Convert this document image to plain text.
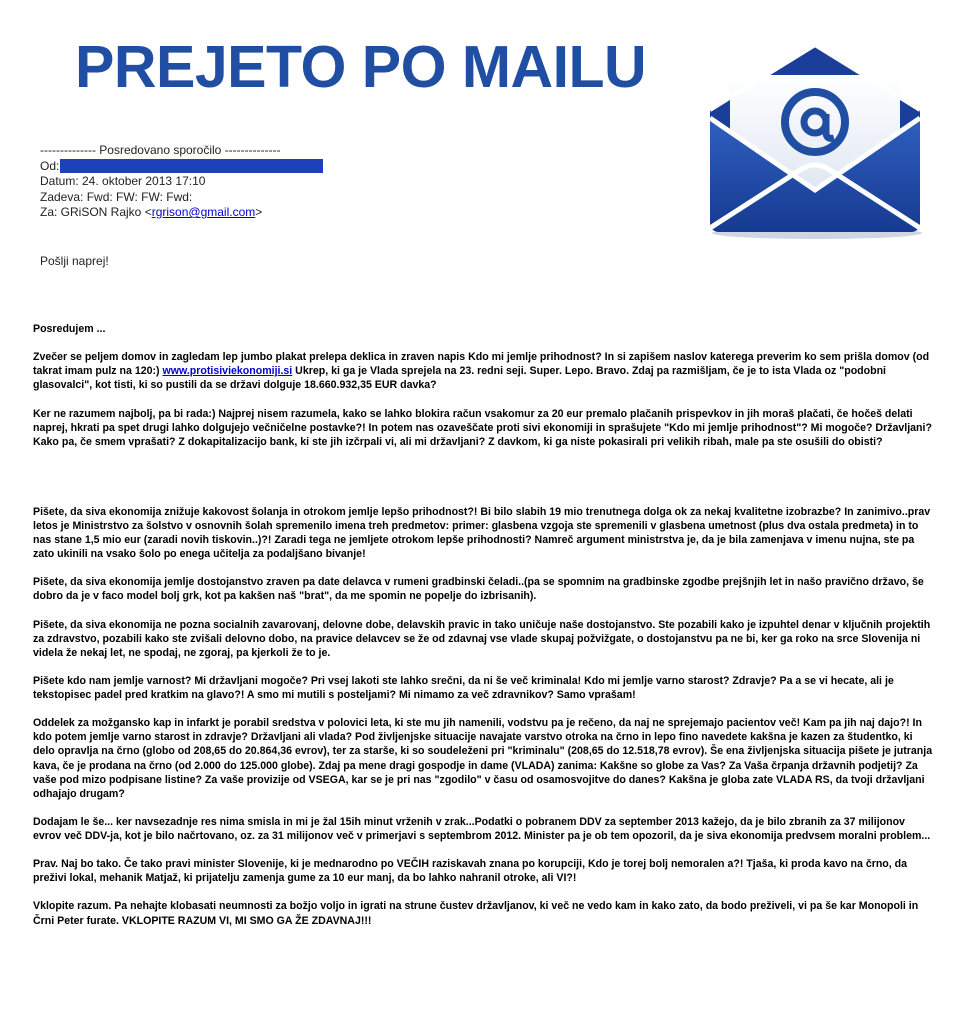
PREJETO PO MAILU
-------------- Posredovano sporočilo --------------
Od:
Datum: 24. oktober 2013 17:10
Zadeva: Fwd: FW: FW: Fwd:
Za: GRiSON Rajko <rgrison@gmail.com>
Pošlji naprej!

Posredujem ...

Zvečer se peljem domov in zagledam lep jumbo plakat prelepa deklica in zraven napis Kdo mi jemlje prihodnost? In si zapišem naslov katerega preverim ko sem prišla domov (od takrat imam pulz na 120:) www.protisiviekonomiji.si Ukrep, ki ga je Vlada sprejela na 23. redni seji. Super. Lepo. Bravo. Zdaj pa razmišljam, če je to ista Vlada oz "podobni glasovalci", kot tisti, ki so pustili da se državi dolguje 18.660.932,35 EUR davka?

Ker ne razumem najbolj, pa bi rada:) Najprej nisem razumela, kako se lahko blokira račun vsakomur za 20 eur premalo plačanih prispevkov in jih moraš plačati, če hočeš delati naprej, hkrati pa spet drugi lahko dolgujejo večničelne postavke?! In potem nas ozaveščate proti sivi ekonomiji in sprašujete "Kdo mi jemlje prihodnost"? Mi mogoče? Državljani? Kako pa, če smem vprašati? Z dokapitalizacijo bank, ki ste jih izčrpali vi, ali mi državljani? Z davkom, ki ga niste pokasirali pri velikih ribah, male pa ste osušili do obisti?

Pišete, da siva ekonomija znižuje kakovost šolanja in otrokom jemlje lepšo prihodnost?! Bi bilo slabih 19 mio trenutnega dolga ok za nekaj kvalitetne izobrazbe? In zanimivo..prav letos je Ministrstvo za šolstvo v osnovnih šolah spremenilo imena treh predmetov: primer: glasbena vzgoja ste spremenili v glasbena umetnost (plus dva ostala predmeta) in to nas stane 1,5 mio eur (zaradi novih tiskovin..)?! Zaradi tega ne jemljete otrokom lepše prihodnosti? Namreč argument ministrstva je, da je bila zamenjava v imenu nujna, ste pa zato ukinili na vsako šolo po enega učitelja za podaljšano bivanje!

Pišete, da siva ekonomija jemlje dostojanstvo zraven pa date delavca v rumeni gradbinski čeladi..(pa se spomnim na gradbinske zgodbe prejšnjih let in našo pravično državo, še dobro da je v faco model bolj grk, kot pa kakšen naš "brat", da me spomin ne popelje do izbrisanih).

Pišete, da siva ekonomija ne pozna socialnih zavarovanj, delovne dobe, delavskih pravic in tako uničuje naše dostojanstvo. Ste pozabili kako je izpuhtel denar v ključnih projektih za zdravstvo, pozabili kako ste zvišali delovno dobo, na pravice delavcev se že od zdavnaj vse vlade skupaj požvižgate, o dostojanstvu pa ne bi, ker ga roko na srce Slovenija ni videla že nekaj let, ne spodaj, ne zgoraj, pa kjerkoli že to je.

Pišete kdo nam jemlje varnost? Mi državljani mogoče? Pri vsej lakoti ste lahko srečni, da ni še več kriminala! Kdo mi jemlje varno starost? Zdravje? Pa a se vi hecate, ali je tekstopisec padel pred kratkim na glavo?! A smo mi mutili s posteljami? Mi nimamo za več zdravnikov? Samo vprašam!

Oddelek za možgansko kap in infarkt je porabil sredstva v polovici leta, ki ste mu jih namenili, vodstvu pa je rečeno, da naj ne sprejemajo pacientov več! Kam pa jih naj dajo?! In kdo potem jemlje varno starost in zdravje? Državljani ali vlada? Pod življenjske situacije navajate varstvo otroka na črno in lepo fino navedete kakšna je kazen za študentko, ki delo opravlja na črno (globo od 208,65 do 20.864,36 evrov), ter za starše, ki so soudeleženi pri "kriminalu" (208,65 do 12.518,78 evrov). Še ena življenjska situacija pišete je jutranja kava, če je prodana na črno (od 2.000 do 125.000 globe). Zdaj pa mene dragi gospodje in dame (VLADA) zanima: Kakšne so globe za Vas? Za Vaša črpanja državnih podjetij? Za vaše pod mizo podpisane listine? Za vaše provizije od VSEGA, kar se je pri nas "zgodilo" v času od osamosvojitve do danes? Kakšna je globa zate VLADA RS, da tvoji državljani odhajajo drugam?

Dodajam le še... ker navsezadnje res nima smisla in mi je žal 15ih minut vrženih v zrak...Podatki o pobranem DDV za september 2013 kažejo, da je bilo zbranih za 37 milijonov evrov več DDV-ja, kot je bilo načrtovano, oz. za 31 milijonov več v primerjavi s septembrom 2012. Minister pa je ob tem opozoril, da je siva ekonomija predvsem moralni problem...

Prav. Naj bo tako. Če tako pravi minister Slovenije, ki je mednarodno po VEČIH raziskavah znana po korupciji, Kdo je torej bolj nemoralen a?! Tjaša, ki proda kavo na črno, da preživi lokal, mehanik Matjaž, ki prijatelju zamenja gume za 10 eur manj, da bo lahko nahranil otroke, ali VI?!

Vklopite razum. Pa nehajte klobasati neumnosti za božjo voljo in igrati na strune čustev državljanov, ki več ne vedo kam in kako zato, da bodo preživeli, vi pa še kar Monopoli in Črni Peter furate. VKLOPITE RAZUM VI, MI SMO GA ŽE ZDAVNAJ!!!
